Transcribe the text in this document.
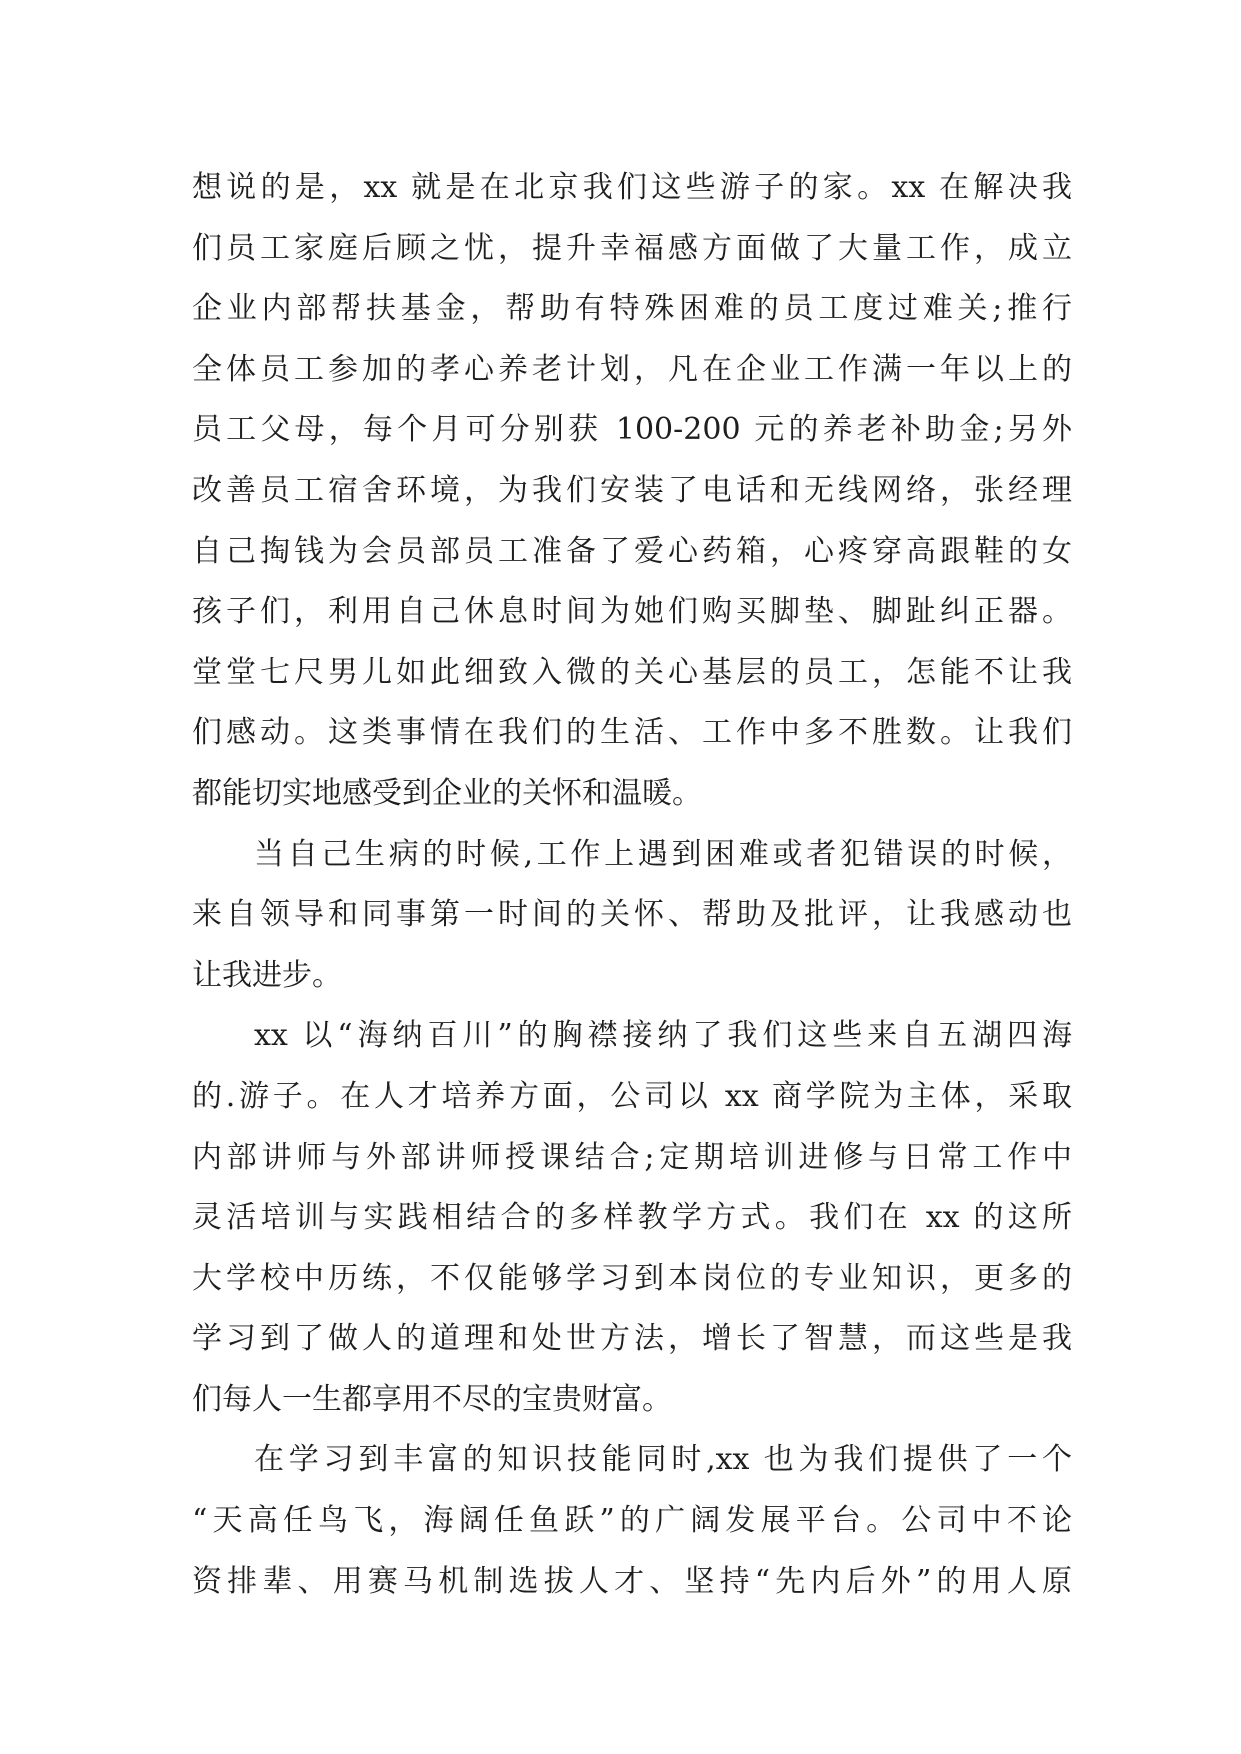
想说的是，xx 就是在北京我们这些游子的家。xx 在解决我
们员工家庭后顾之忧，提升幸福感方面做了大量工作，成立
企业内部帮扶基金，帮助有特殊困难的员工度过难关;推行
全体员工参加的孝心养老计划，凡在企业工作满一年以上的
员工父母，每个月可分别获 100-200 元的养老补助金;另外
改善员工宿舍环境，为我们安装了电话和无线网络，张经理
自己掏钱为会员部员工准备了爱心药箱，心疼穿高跟鞋的女
孩子们，利用自己休息时间为她们购买脚垫、脚趾纠正器。
堂堂七尺男儿如此细致入微的关心基层的员工，怎能不让我
们感动。这类事情在我们的生活、工作中多不胜数。让我们
都能切实地感受到企业的关怀和温暖。
当自己生病的时候,工作上遇到困难或者犯错误的时候，
来自领导和同事第一时间的关怀、帮助及批评，让我感动也
让我进步。
xx 以“海纳百川”的胸襟接纳了我们这些来自五湖四海
的.游子。在人才培养方面，公司以 xx 商学院为主体，采取
内部讲师与外部讲师授课结合;定期培训进修与日常工作中
灵活培训与实践相结合的多样教学方式。我们在 xx 的这所
大学校中历练，不仅能够学习到本岗位的专业知识，更多的
学习到了做人的道理和处世方法，增长了智慧，而这些是我
们每人一生都享用不尽的宝贵财富。
在学习到丰富的知识技能同时,xx 也为我们提供了一个
“天高任鸟飞，海阔任鱼跃”的广阔发展平台。公司中不论
资排辈、用赛马机制选拔人才、坚持“先内后外”的用人原
